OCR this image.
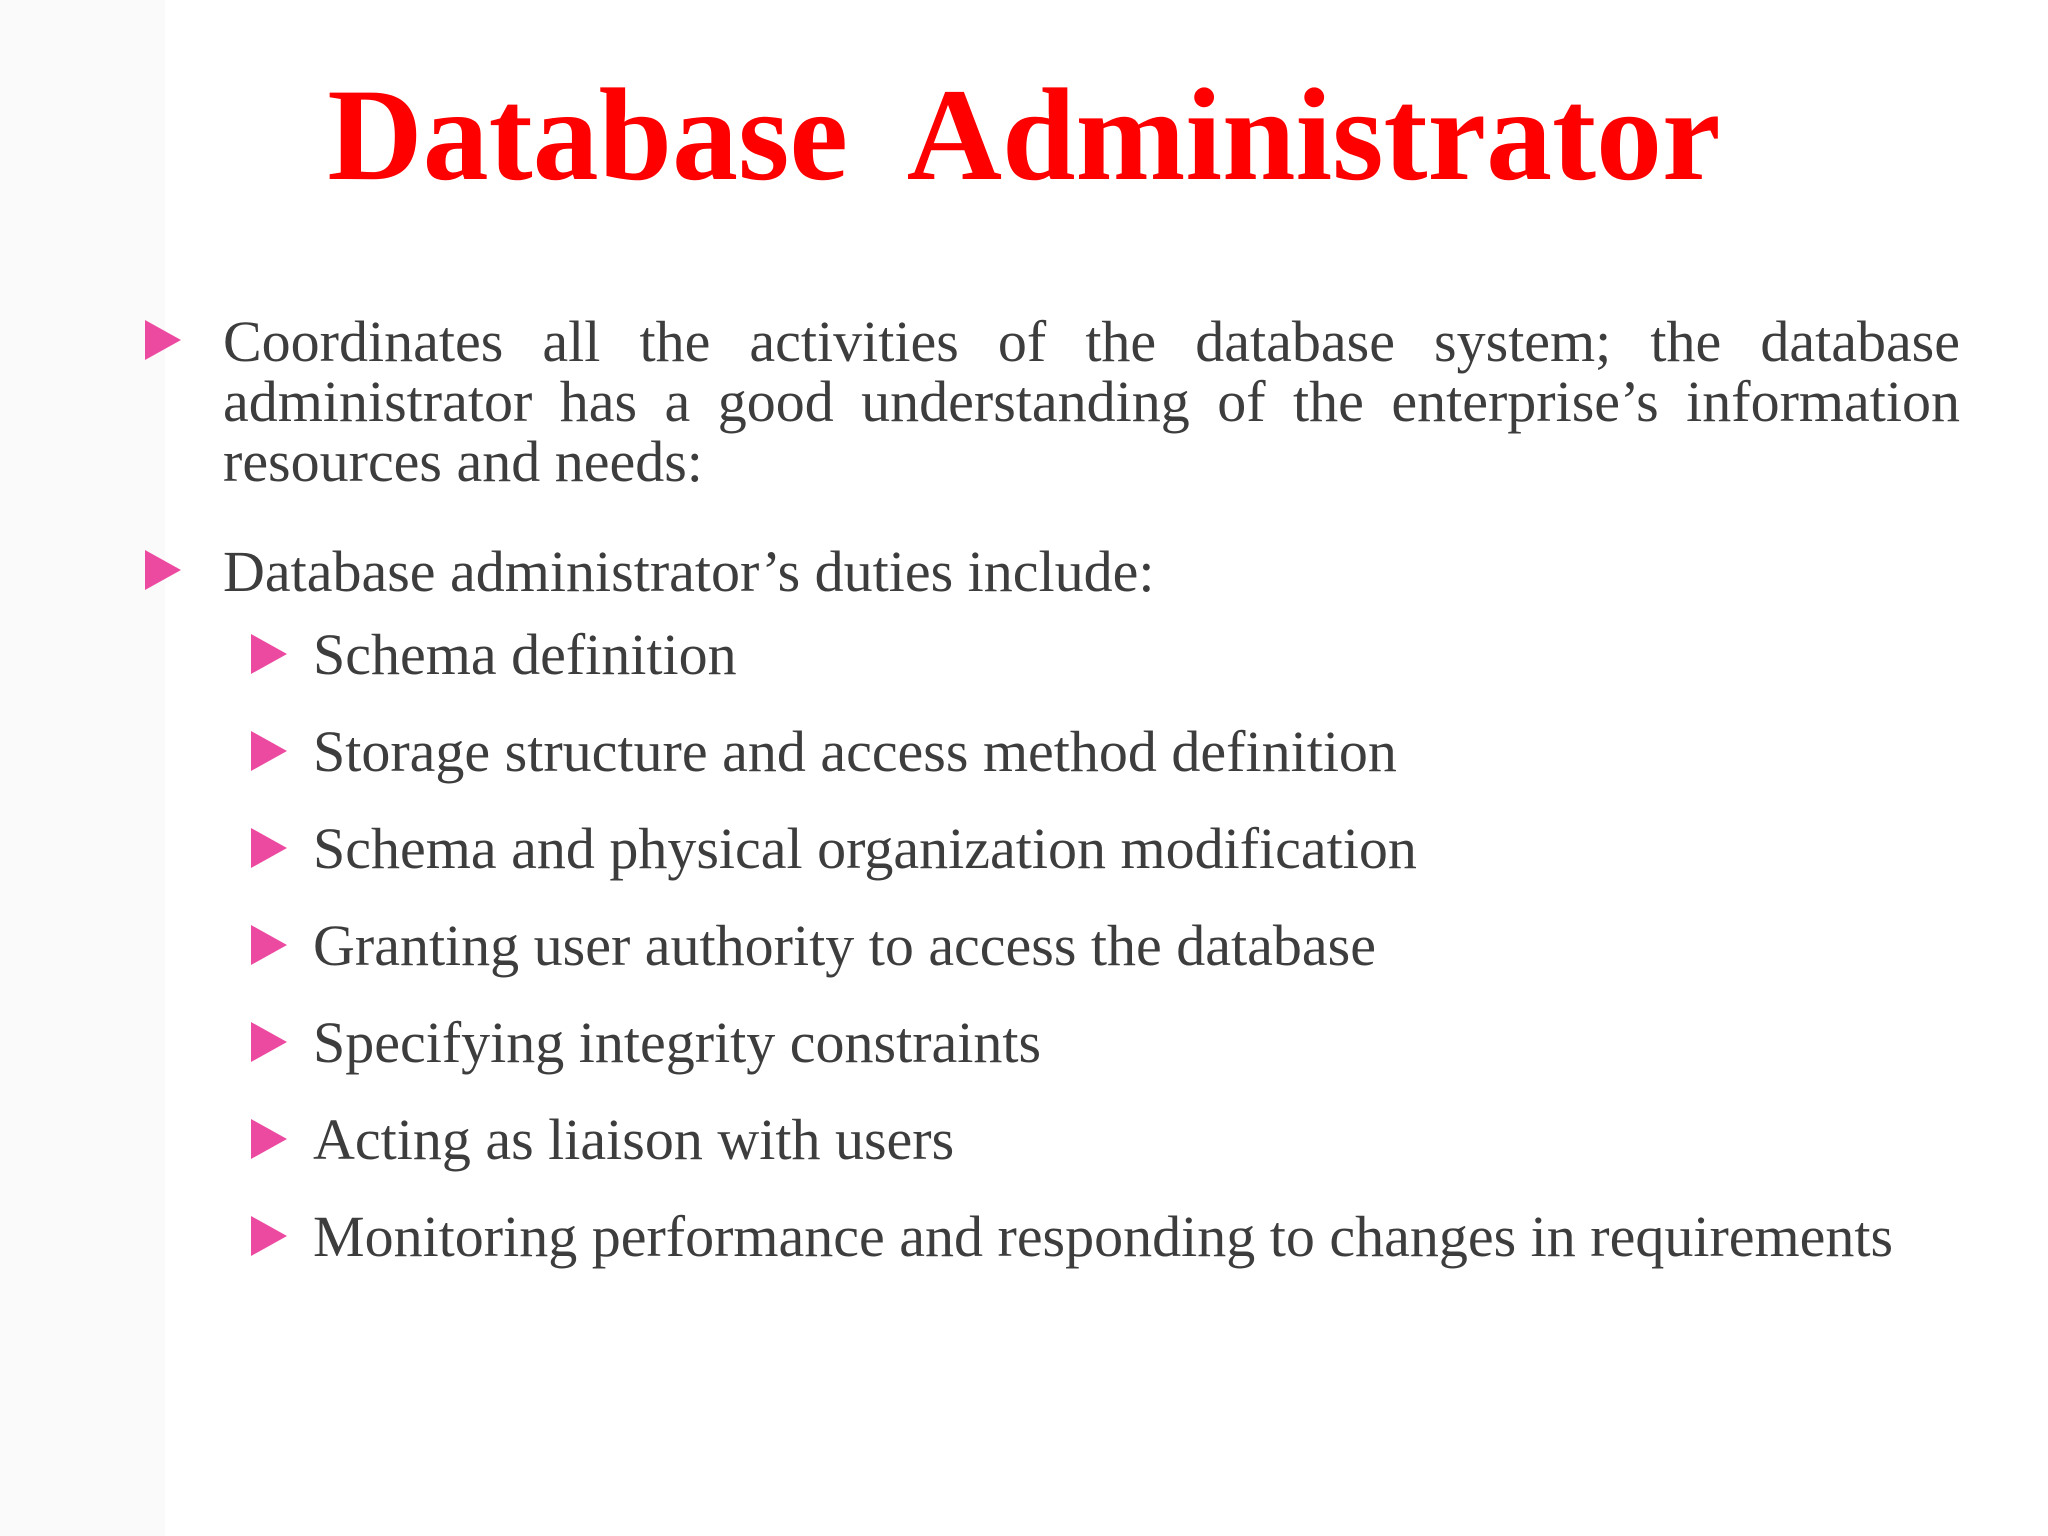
Database  Administrator
Coordinates all the activities of the database system; the database administrator has a good understanding of the enterprise’s information resources and needs:
Database administrator’s duties include:
Schema definition
Storage structure and access method definition
Schema and physical organization modification
Granting user authority to access the database
Specifying integrity constraints
Acting as liaison with users
Monitoring performance and responding to changes in requirements
